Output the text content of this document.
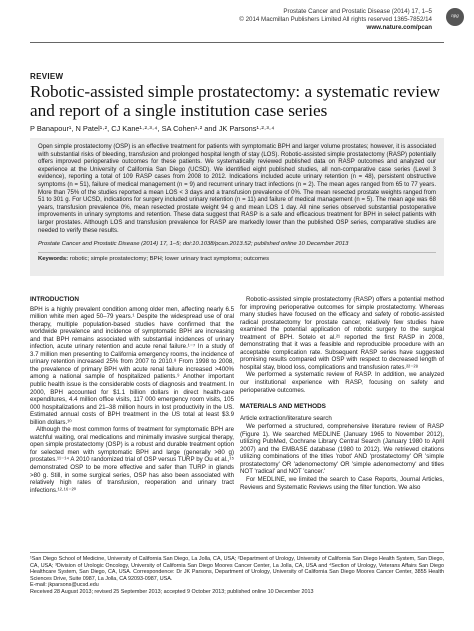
Prostate Cancer and Prostatic Disease (2014) 17, 1–5
© 2014 Macmillan Publishers Limited All rights reserved 1365-7852/14
www.nature.com/pcan
npg
REVIEW
Robotic-assisted simple prostatectomy: a systematic review and report of a single institution case series
P Banapour¹, N Patel¹·², CJ Kane¹·²·³·⁴, SA Cohen¹·² and JK Parsons¹·²·³·⁴

Open simple prostatectomy (OSP) is an effective treatment for patients with symptomatic BPH and larger volume prostates; however, it is associated with substantial risks of bleeding, transfusion and prolonged hospital length of stay (LOS). Robotic-assisted simple prostatectomy (RASP) potentially offers improved perioperative outcomes for these patients. We systematically reviewed published data on RASP outcomes and analyzed our experience at the University of California San Diego (UCSD). We identified eight published studies, all non-comparative case series (Level 3 evidence), reporting a total of 109 RASP cases from 2008 to 2012. Indications included acute urinary retention (n = 48), persistent obstructive symptoms (n = 51), failure of medical management (n = 9) and recurrent urinary tract infections (n = 2). The mean ages ranged from 65 to 77 years. More than 75% of the studies reported a mean LOS < 3 days and a transfusion prevalence of 0%. The mean resected prostate weights ranged from 51 to 301 g. For UCSD, indications for surgery included urinary retention (n = 11) and failure of medical management (n = 5). The mean age was 68 years, transfusion prevalence 0%, mean resected prostate weight 94 g and mean LOS 1 day. All nine series observed substantial postoperative improvements in urinary symptoms and retention. These data suggest that RASP is a safe and efficacious treatment for BPH in select patients with larger prostates. Although LOS and transfusion prevalence for RASP are markedly lower than the published OSP series, comparative studies are needed to verify these results.

Prostate Cancer and Prostatic Disease (2014) 17, 1–5; doi:10.1038/pcan.2013.52; published online 10 December 2013

Keywords: robotic; simple prostatectomy; BPH; lower urinary tract symptoms; outcomes

INTRODUCTION

BPH is a highly prevalent condition among older men, affecting nearly 6.5 million white men aged 50–79 years.¹ Despite the widespread use of oral therapy, multiple population-based studies have confirmed that the worldwide prevalence and incidence of symptomatic BPH are increasing and that BPH remains associated with substantial incidences of urinary infection, acute urinary retention and acute renal failure.¹⁻⁷ In a study of 3.7 million men presenting to California emergency rooms, the incidence of urinary retention increased 25% from 2007 to 2010.⁸ From 1998 to 2008, the prevalence of primary BPH with acute renal failure increased >400% among a national sample of hospitalized patients.⁹ Another important public health issue is the considerable costs of diagnosis and treatment. In 2000, BPH accounted for $1.1 billion dollars in direct health-care expenditures, 4.4 million office visits, 117 000 emergency room visits, 105 000 hospitalizations and 21–38 million hours in lost productivity in the US. Estimated annual costs of BPH treatment in the US total at least $3.9 billion dollars.¹⁰

Although the most common forms of treatment for symptomatic BPH are watchful waiting, oral medications and minimally invasive surgical therapy, open simple prostatectomy (OSP) is a robust and durable treatment option for selected men with symptomatic BPH and large (generally >80 g) prostates.¹¹⁻¹⁴ A 2010 randomized trial of OSP versus TURP by Ou et al.,¹⁵ demonstrated OSP to be more effective and safer than TURP in glands >80 g. Still, in some surgical series, OSP has also been associated with relatively high rates of transfusion, reoperation and urinary tract infections.¹²·¹⁶⁻²⁰

Robotic-assisted simple prostatectomy (RASP) offers a potential method for improving perioperative outcomes for simple prostatectomy. Whereas many studies have focused on the efficacy and safety of robotic-assisted radical prostatectomy for prostate cancer, relatively few studies have examined the potential application of robotic surgery to the surgical treatment of BPH. Sotelo et al.²¹ reported the first RASP in 2008, demonstrating that it was a feasible and reproducible procedure with an acceptable complication rate. Subsequent RASP series have suggested promising results compared with OSP with respect to decreased length of hospital stay, blood loss, complications and transfusion rates.²²⁻²⁸

We performed a systematic review of RASP. In addition, we analyzed our institutional experience with RASP, focusing on safety and perioperative outcomes.

MATERIALS AND METHODS
Article extraction/literature search

We performed a structured, comprehensive literature review of RASP (Figure 1). We searched MEDLINE (January 1965 to November 2012), utilizing PubMed, Cochrane Library Central Search (January 1980 to April 2007) and the EMBASE database (1980 to 2012). We retrieved citations utilizing combinations of the titles 'robot' AND 'prostatectomy' OR 'simple prostatectomy' OR 'adenomectomy' OR 'simple adenomectomy' and titles NOT 'radical' and NOT 'cancer.'

For MEDLINE, we limited the search to Case Reports, Journal Articles, Reviews and Systematic Reviews using the filter function. We also

¹San Diego School of Medicine, University of California San Diego, La Jolla, CA, USA; ²Department of Urology, University of California San Diego Health System, San Diego, CA, USA; ³Division of Urologic Oncology, University of California San Diego Moores Cancer Center, La Jolla, CA, USA and ⁴Section of Urology, Veterans Affairs San Diego Healthcare System, San Diego, CA, USA. Correspondence: Dr JK Parsons, Department of Urology, University of California San Diego Moores Cancer Center, 3855 Health Sciences Drive, Suite 0987, La Jolla, CA 92093-0987, USA.

E-mail: jkparsons@ucsd.edu

Received 28 August 2013; revised 25 September 2013; accepted 9 October 2013; published online 10 December 2013
